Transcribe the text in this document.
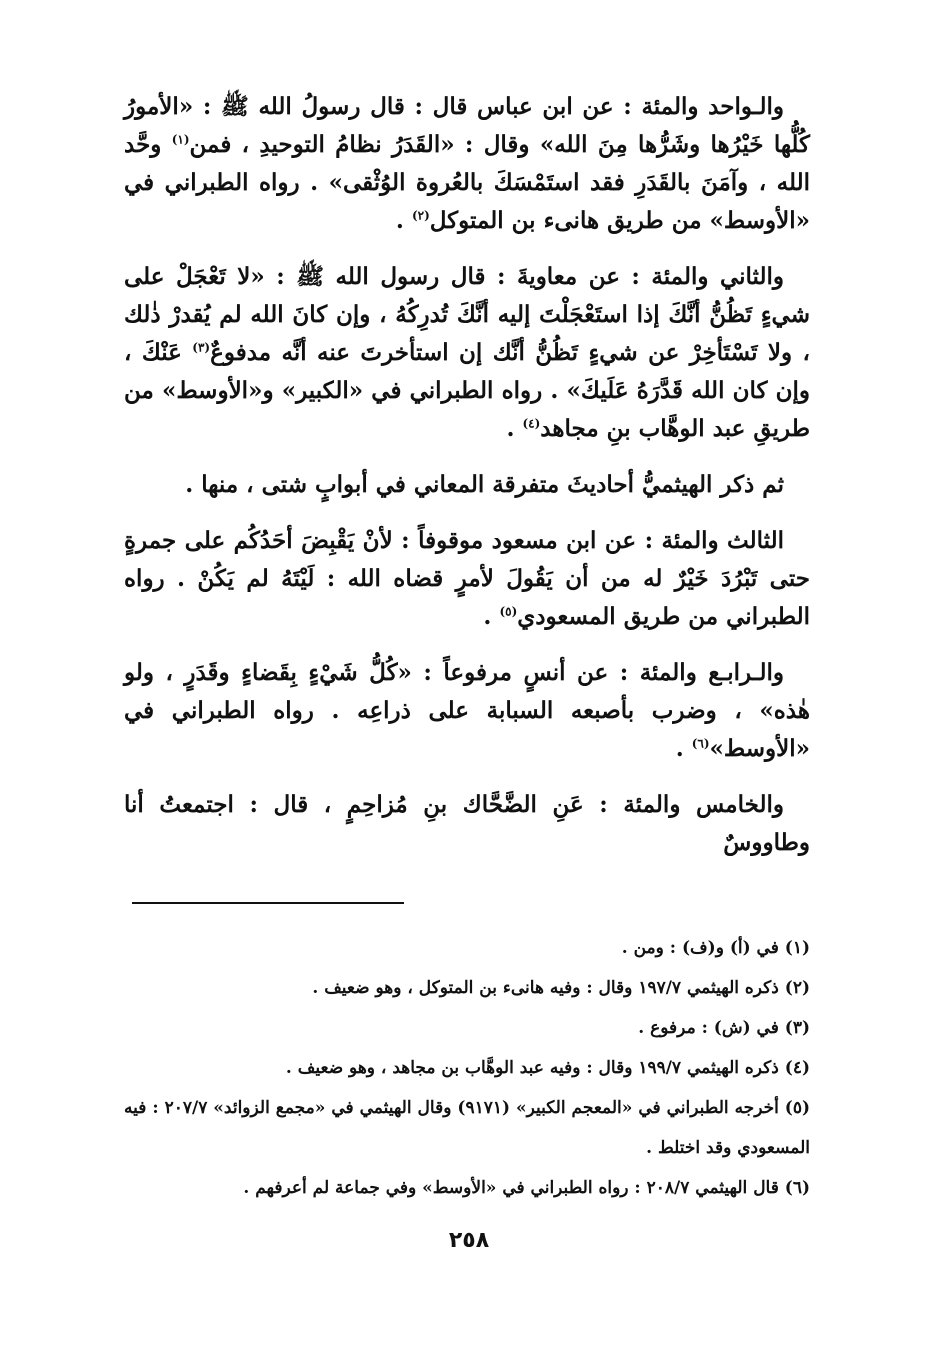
والـواحد والمئة : عن ابن عباس قال : قال رسولُ الله ﷺ : «الأمورُ كُلُّها خَيْرُها وشَرُّها مِنَ الله» وقال : «القَدَرُ نظامُ التوحيدِ ، فمن$^{(١)}$ وحَّد الله ، وآمَنَ بالقَدَرِ فقد استَمْسَكَ بالعُروة الوُثْقى» . رواه الطبراني في «الأوسط» من طريق هانىء بن المتوكل$^{(٢)}$ .

والثاني والمئة : عن معاويةَ : قال رسول الله ﷺ : «لا تَعْجَلْ على شيءٍ تَظُنُّ أنَّكَ إذا استَعْجَلْتَ إليه أنَّكَ تُدرِكُهُ ، وإن كانَ الله لم يُقدرْ ذٰلك ، ولا تَسْتَأخِرْ عن شيءٍ تَظُنُّ أنَّك إن استأخرتَ عنه أنَّه مدفوعٌ$^{(٣)}$ عَنْكَ ، وإن كان الله قَدَّرَهُ عَلَيكَ» . رواه الطبراني في «الكبير» و«الأوسط» من طريقِ عبد الوهَّاب بنِ مجاهد$^{(٤)}$ .

ثم ذكر الهيثميُّ أحاديثَ متفرقة المعاني في أبوابٍ شتى ، منها .

الثالث والمئة : عن ابن مسعود موقوفاً : لأنْ يَقْبِضَ أحَدُكُم على جمرةٍ حتى تَبْرُدَ خَيْرٌ له من أن يَقُولَ لأمرٍ قضاه الله : لَيْتَهُ لم يَكُنْ . رواه الطبراني من طريق المسعودي$^{(٥)}$ .

والـرابـع والمئة : عن أنسٍ مرفوعاً : «كُلُّ شَيْءٍ بِقَضاءٍ وقَدَرٍ ، ولو هٰذه» ، وضرب بأصبعه السبابة على ذراعِه . رواه الطبراني في «الأوسط»$^{(٦)}$ .

والخامس والمئة : عَنِ الضَّحَّاك بنِ مُزاحِمٍ ، قال : اجتمعتُ أنا وطاووسٌ

(١) في (أ) و(ف) : ومن .

(٢) ذكره الهيثمي ١٩٧/٧ وقال : وفيه هانىء بن المتوكل ، وهو ضعيف .

(٣) في (ش) : مرفوع .

(٤) ذكره الهيثمي ١٩٩/٧ وقال : وفيه عبد الوهَّاب بن مجاهد ، وهو ضعيف .

(٥) أخرجه الطبراني في «المعجم الكبير» (٩١٧١) وقال الهيثمي في «مجمع الزوائد» ٢٠٧/٧ : فيه المسعودي وقد اختلط .

(٦) قال الهيثمي ٢٠٨/٧ : رواه الطبراني في «الأوسط» وفي جماعة لم أعرفهم .

٢٥٨
